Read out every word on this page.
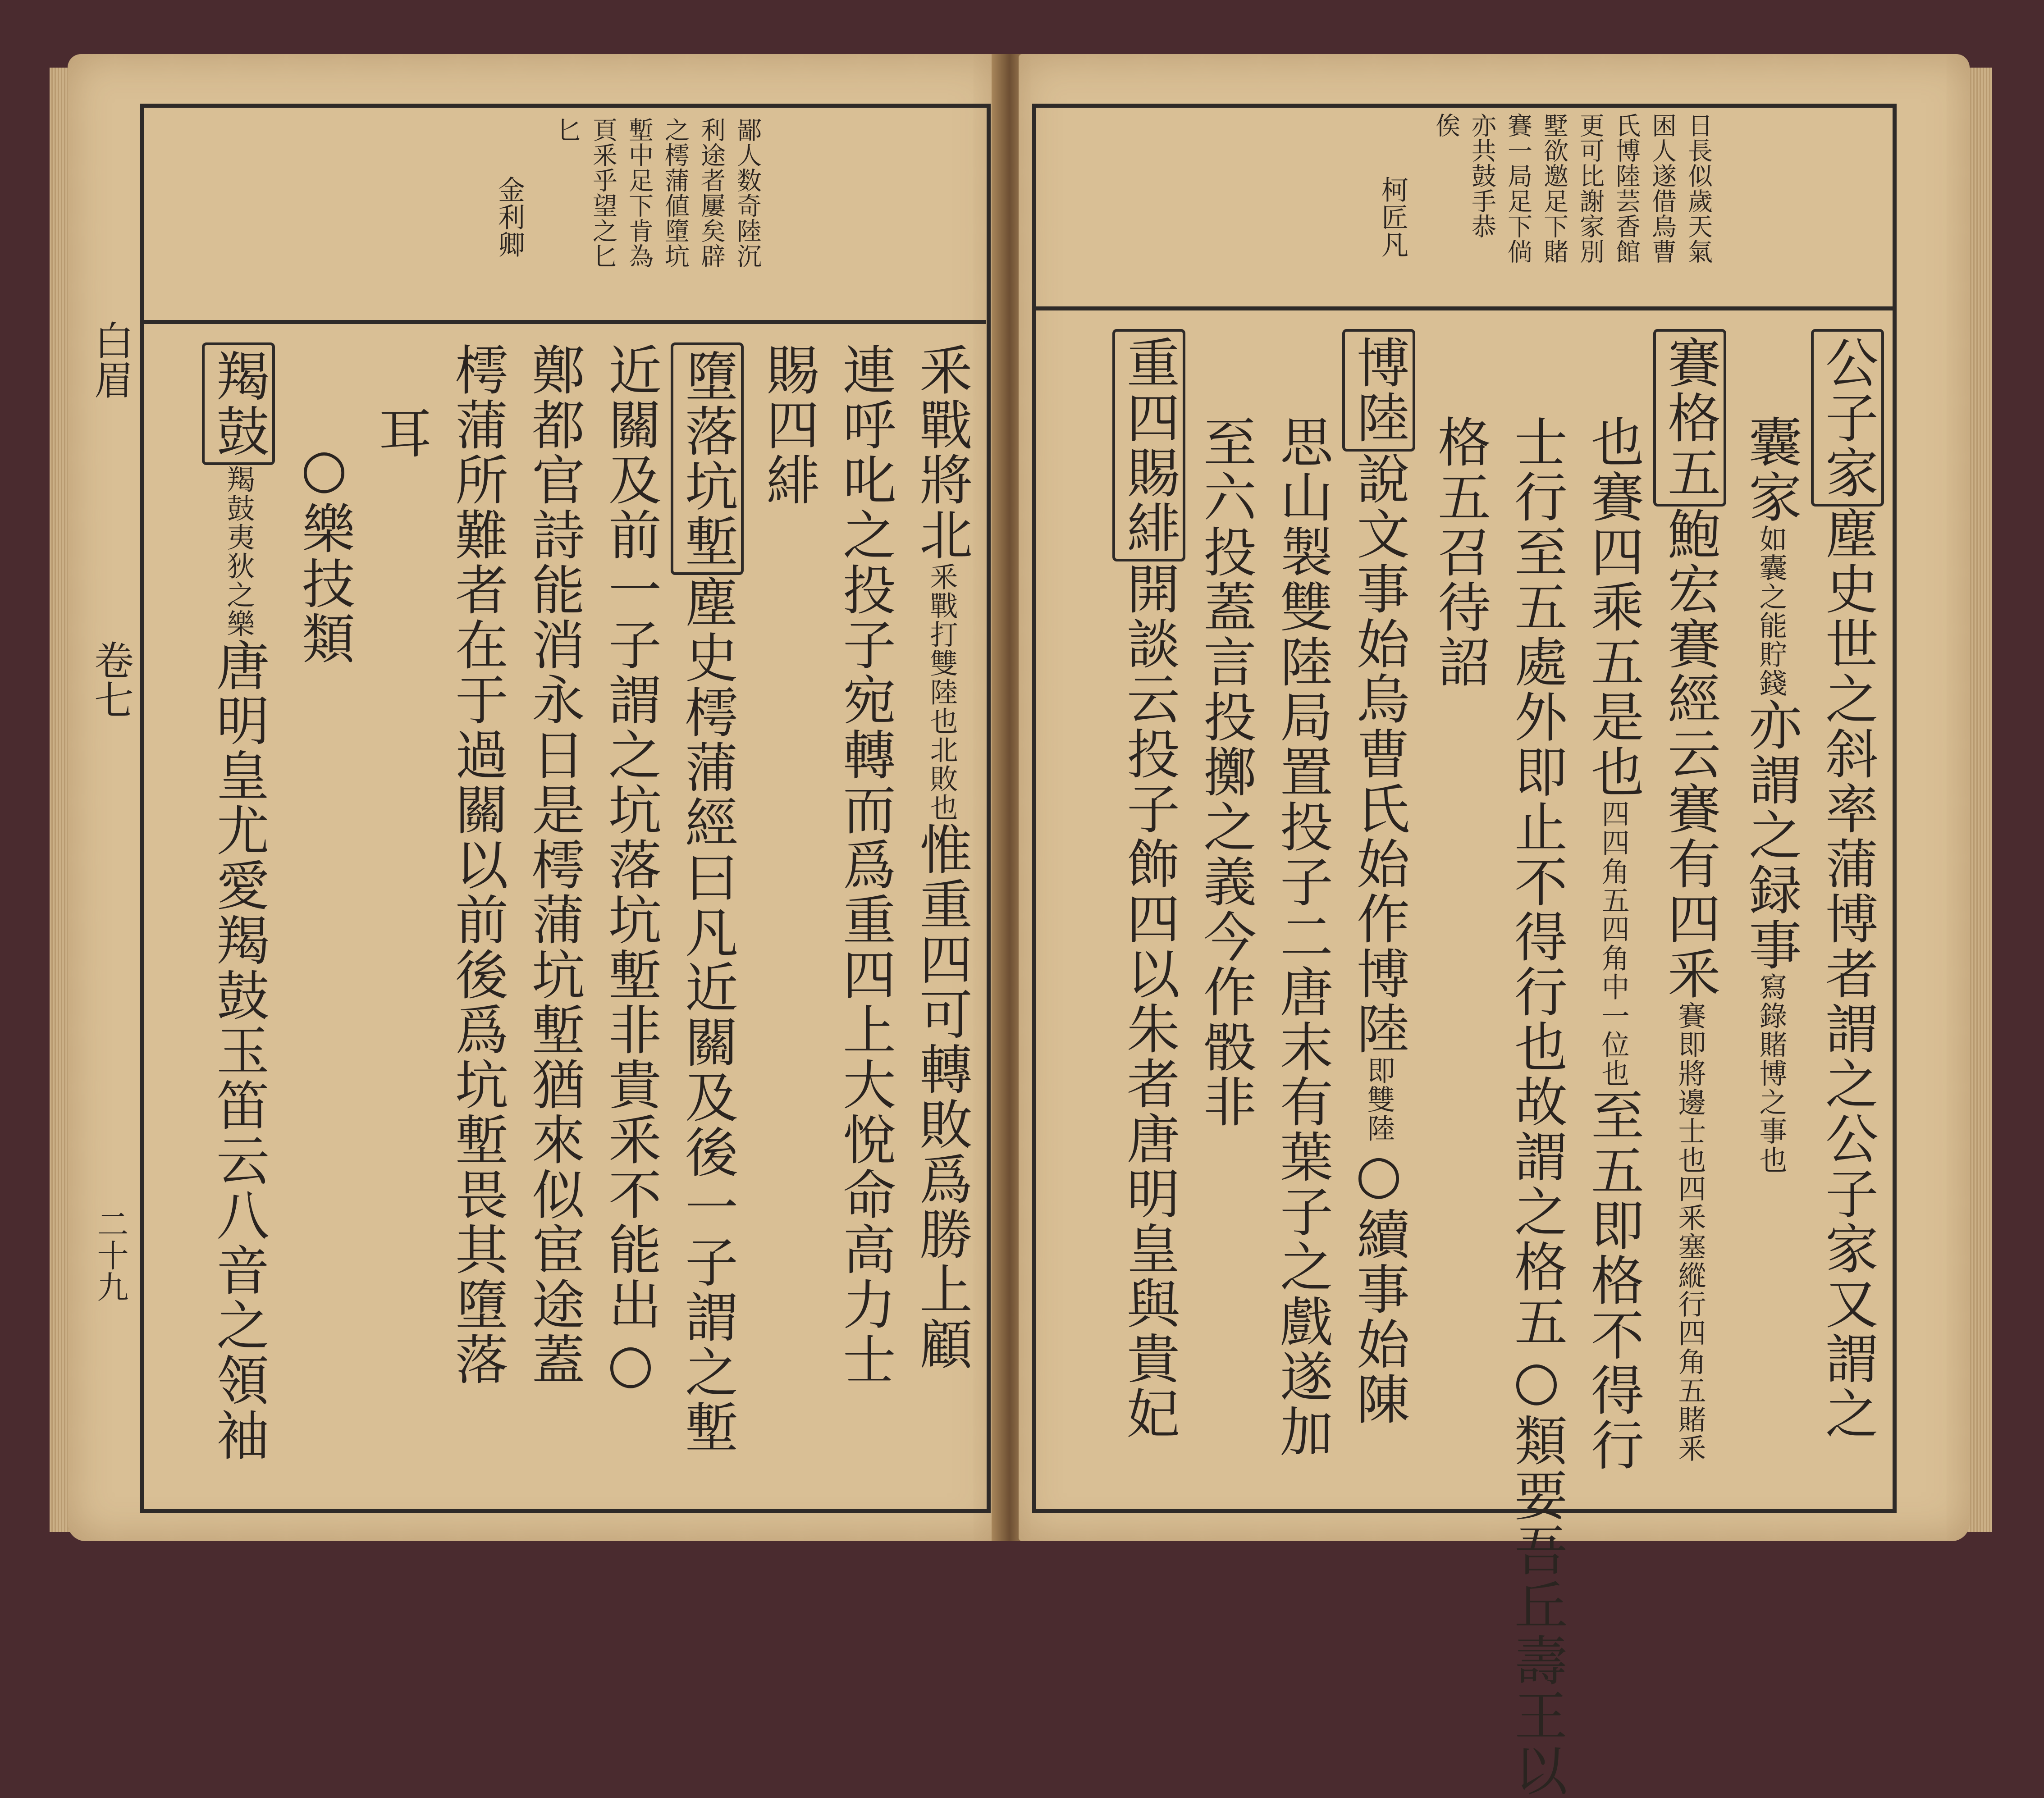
白眉
卷七
二十九
鄙人数奇陸沉
利途者屢矣辟
之樗蒲値墮坑
塹中足下肯為
頁釆乎望之匕
匕
金利卿
釆戰將北釆戰打雙陸也北敗也惟重四可轉敗爲勝上顧
連呼叱之投子宛轉而爲重四上大悅命高力士
賜四緋
墮落坑塹塵史樗蒲經曰凡近關及後一子謂之塹
近關及前一子謂之坑落坑塹非貴釆不能出○
鄭都官詩能消永日是樗蒲坑塹猶來似宦途蓋
樗蒲所難者在于過關以前後爲坑塹畏其墮落
耳
○樂技類
羯鼓羯鼓夷狄之樂唐明皇尤愛羯鼓玉笛云八音之領袖
日長似歲天氣
困人遂借烏曹
氏博陸芸香館
更可比謝家別
墅欲邀足下賭
賽一局足下倘
亦共鼓手恭
俟
柯匠凡
公子家塵史世之斜率蒲博者謂之公子家又謂之
囊家如囊之能貯錢亦謂之録事寫錄賭博之事也
賽格五鮑宏賽經云賽有四釆賽即將邊士也四釆塞縱行四角五賭釆
也賽四乘五是也四四角五四角中一位也至五即格不得行
士行至五處外即止不得行也故謂之格五○類要吾丘壽王以
格五召待詔
博陸說文事始烏曹氏始作博陸即雙陸○續事始陳
思山製雙陸局置投子二唐末有葉子之戲遂加
至六投蓋言投擲之義今作骰非
重四賜緋開談云投子飾四以朱者唐明皇與貴妃
